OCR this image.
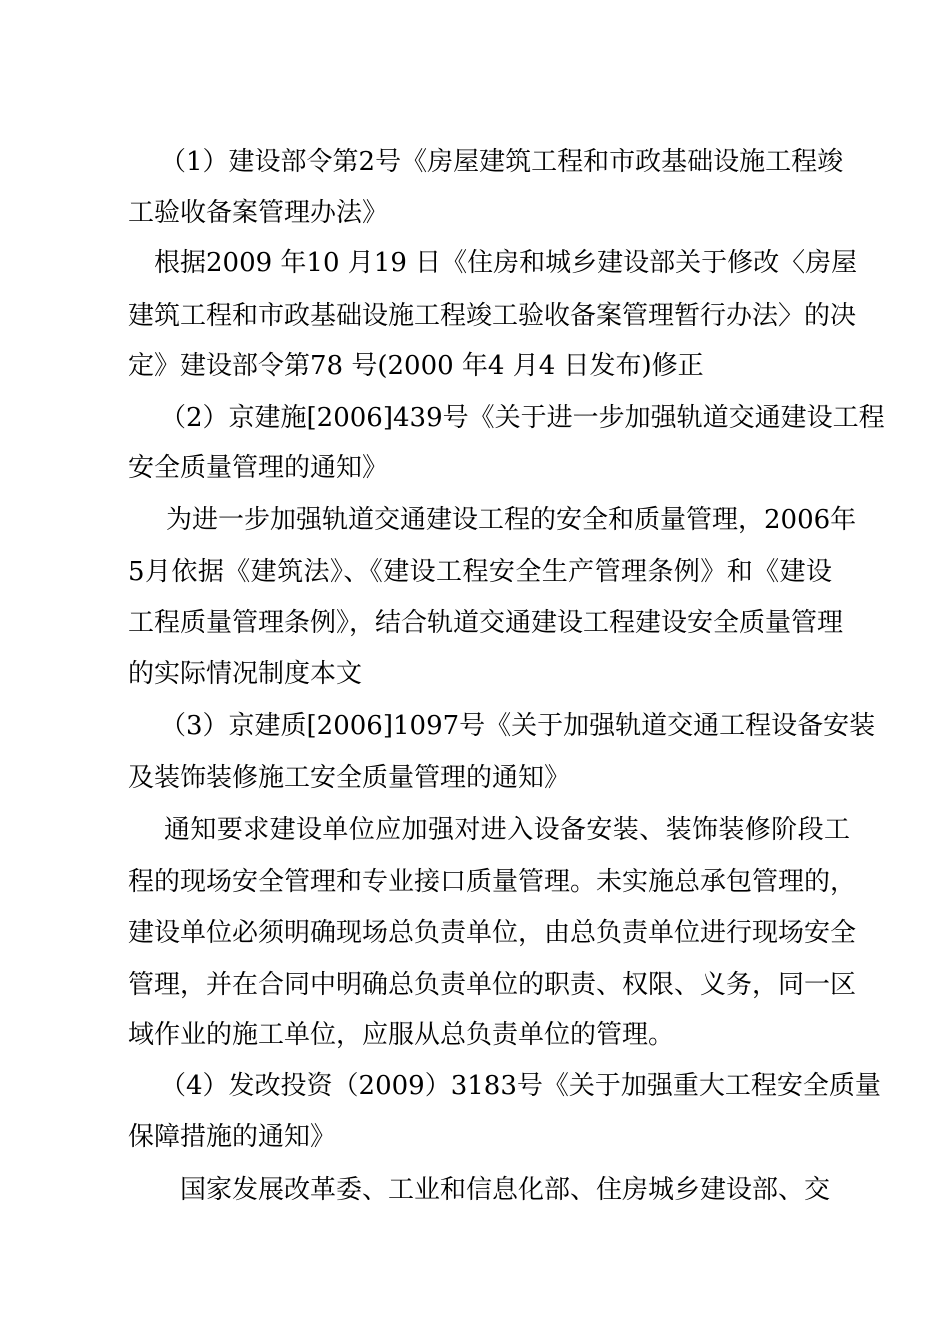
（1）建设部令第2号《房屋建筑工程和市政基础设施工程竣
工验收备案管理办法》
根据2009 年10 月19 日《住房和城乡建设部关于修改〈房屋
建筑工程和市政基础设施工程竣工验收备案管理暂行办法〉的决
定》建设部令第78 号(2000 年4 月4 日发布)修正
（2）京建施[2006]439号《关于进一步加强轨道交通建设工程
安全质量管理的通知》
为进一步加强轨道交通建设工程的安全和质量管理，2006年
5月依据《建筑法》、《建设工程安全生产管理条例》和《建设
工程质量管理条例》，结合轨道交通建设工程建设安全质量管理
的实际情况制度本文
（3）京建质[2006]1097号《关于加强轨道交通工程设备安装
及装饰装修施工安全质量管理的通知》
通知要求建设单位应加强对进入设备安装、装饰装修阶段工
程的现场安全管理和专业接口质量管理。未实施总承包管理的，
建设单位必须明确现场总负责单位，由总负责单位进行现场安全
管理，并在合同中明确总负责单位的职责、权限、义务，同一区
域作业的施工单位，应服从总负责单位的管理。
（4）发改投资（2009）3183号《关于加强重大工程安全质量
保障措施的通知》
国家发展改革委、工业和信息化部、住房城乡建设部、交
